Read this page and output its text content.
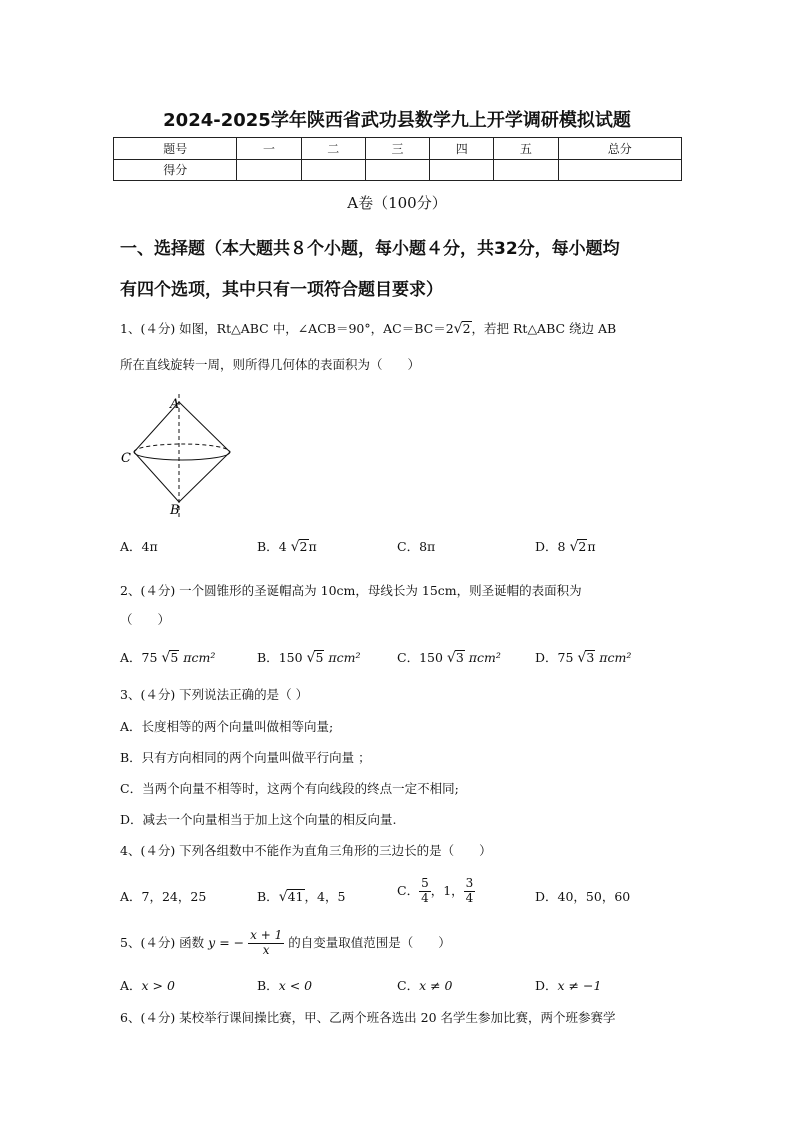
2024-2025学年陕西省武功县数学九上开学调研模拟试题
题号	一	二	三	四	五	总分
得分						
A卷（100分）
一、选择题（本大题共８个小题，每小题４分，共32分，每小题均
有四个选项，其中只有一项符合题目要求）
1、(４分) 如图，Rt△ABC 中，∠ACB＝90°，AC＝BC＝2√2，若把 Rt△ABC 绕边 AB
所在直线旋转一周，则所得几何体的表面积为（　　）
A
C
B
A．4π	B．4 √2π	C．8π	D．8 √2π
2、(４分) 一个圆锥形的圣诞帽高为 10cm，母线长为 15cm，则圣诞帽的表面积为
（　　）
A．75 √5 πcm²	B．150 √5 πcm²	C．150 √3 πcm²	D．75 √3 πcm²
3、(４分) 下列说法正确的是（ ）
A．长度相等的两个向量叫做相等向量;
B．只有方向相同的两个向量叫做平行向量 ；
C．当两个向量不相等时，这两个有向线段的终点一定不相同;
D．减去一个向量相当于加上这个向量的相反向量.
4、(４分) 下列各组数中不能作为直角三角形的三边长的是（　　）
A．7，24，25	B．√41，4，5	C． $\frac{5}{4}$ ，1， $\frac{3}{4}$	D．40，50，60
5、(４分) 函数 y = − $\frac{x + 1}{x}$ 的自变量取值范围是（　　）
A．x > 0	B．x < 0	C．x ≠ 0	D．x ≠ −1
6、(４分) 某校举行课间操比赛，甲、乙两个班各选出 20 名学生参加比赛，两个班参赛学
